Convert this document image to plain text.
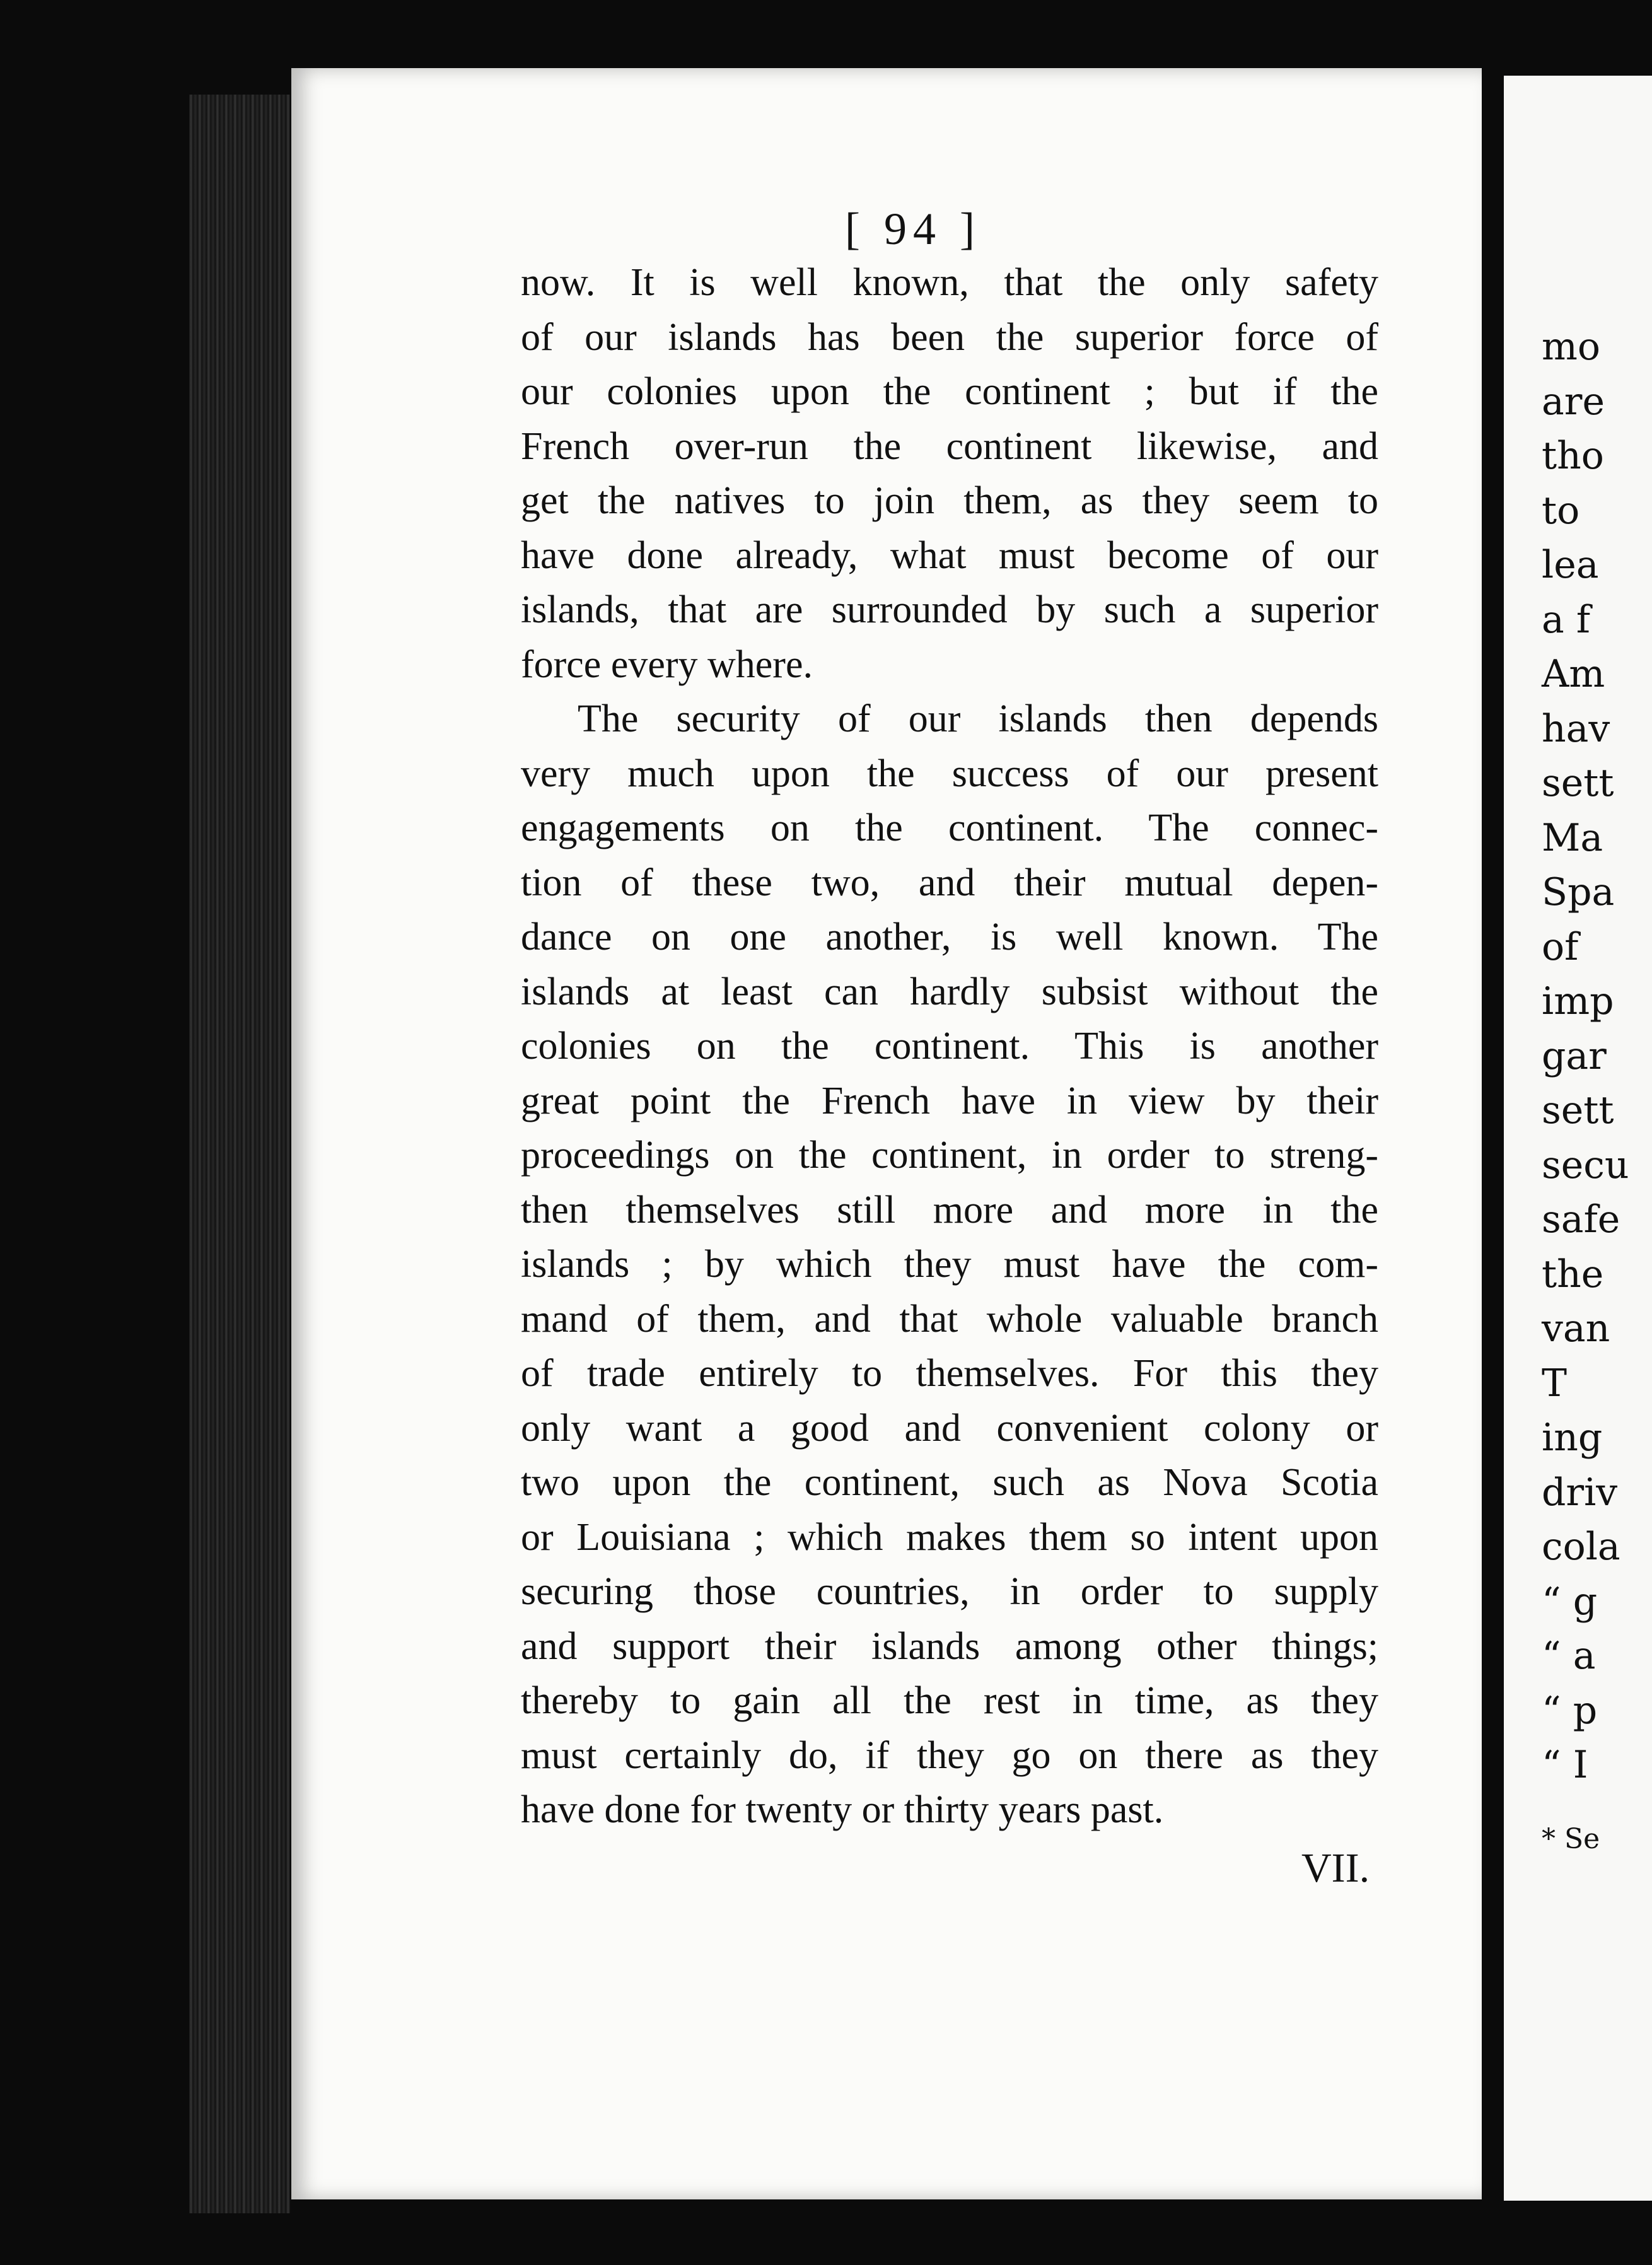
[ 94 ]
now. It is well known, that the only safety
of our islands has been the superior force of
our colonies upon the continent ; but if the
French over-run the continent likewise, and
get the natives to join them, as they seem to
have done already, what must become of our
islands, that are surrounded by such a superior
force every where.
The security of our islands then depends
very much upon the success of our present
engagements on the continent. The connec-
tion of these two, and their mutual depen-
dance on one another, is well known. The
islands at least can hardly subsist without the
colonies on the continent. This is another
great point the French have in view by their
proceedings on the continent, in order to streng-
then themselves still more and more in the
islands ; by which they must have the com-
mand of them, and that whole valuable branch
of trade entirely to themselves. For this they
only want a good and convenient colony or
two upon the continent, such as Nova Scotia
or Louisiana ; which makes them so intent upon
securing those countries, in order to supply
and support their islands among other things;
thereby to gain all the rest in time, as they
must certainly do, if they go on there as they
have done for twenty or thirty years past.
VII.
mo
are
tho
to
lea
a f
Am
hav
sett
Ma
Spa
of
imp
gar
sett
secu
safe
the
van
T
ing
driv
cola
“ g
“ a
“ p
“ I
* Se
